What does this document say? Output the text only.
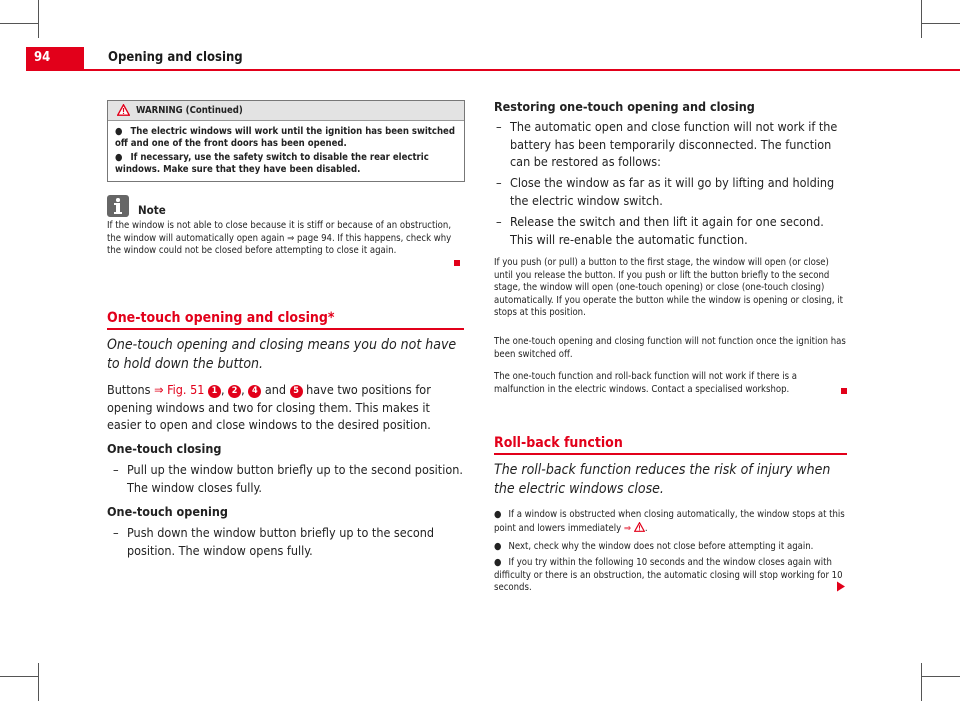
94	Opening and closing
WARNING (Continued)

● The electric windows will work until the ignition has been switched off and one of the front doors has been opened.

● If necessary, use the safety switch to disable the rear electric windows. Make sure that they have been disabled.

Note
If the window is not able to close because it is stiff or because of an obstruction, the window will automatically open again ⇒ page 94. If this happens, check why the window could not be closed before attempting to close it again.
One-touch opening and closing*
One-touch opening and closing means you do not have to hold down the button.
Buttons ⇒ Fig. 51 1 , 2 , 4 and 5 have two positions for opening windows and two for closing them. This makes it easier to open and close windows to the desired position.
One-touch closing
– Pull up the window button briefly up to the second position. The window closes fully.
One-touch opening
– Push down the window button briefly up to the second position. The window opens fully.
Restoring one-touch opening and closing
– The automatic open and close function will not work if the battery has been temporarily disconnected. The function can be restored as follows:
– Close the window as far as it will go by lifting and holding the electric window switch.
– Release the switch and then lift it again for one second. This will re-enable the automatic function.
If you push (or pull) a button to the first stage, the window will open (or close) until you release the button. If you push or lift the button briefly to the second stage, the window will open (one-touch opening) or close (one-touch closing) automatically. If you operate the button while the window is opening or closing, it stops at this position.
The one-touch opening and closing function will not function once the ignition has been switched off.
The one-touch function and roll-back function will not work if there is a malfunction in the electric windows. Contact a specialised workshop.
Roll-back function
The roll-back function reduces the risk of injury when the electric windows close.
● If a window is obstructed when closing automatically, the window stops at this point and lowers immediately ⇒ .
● Next, check why the window does not close before attempting it again.
● If you try within the following 10 seconds and the window closes again with difficulty or there is an obstruction, the automatic closing will stop working for 10 seconds.
